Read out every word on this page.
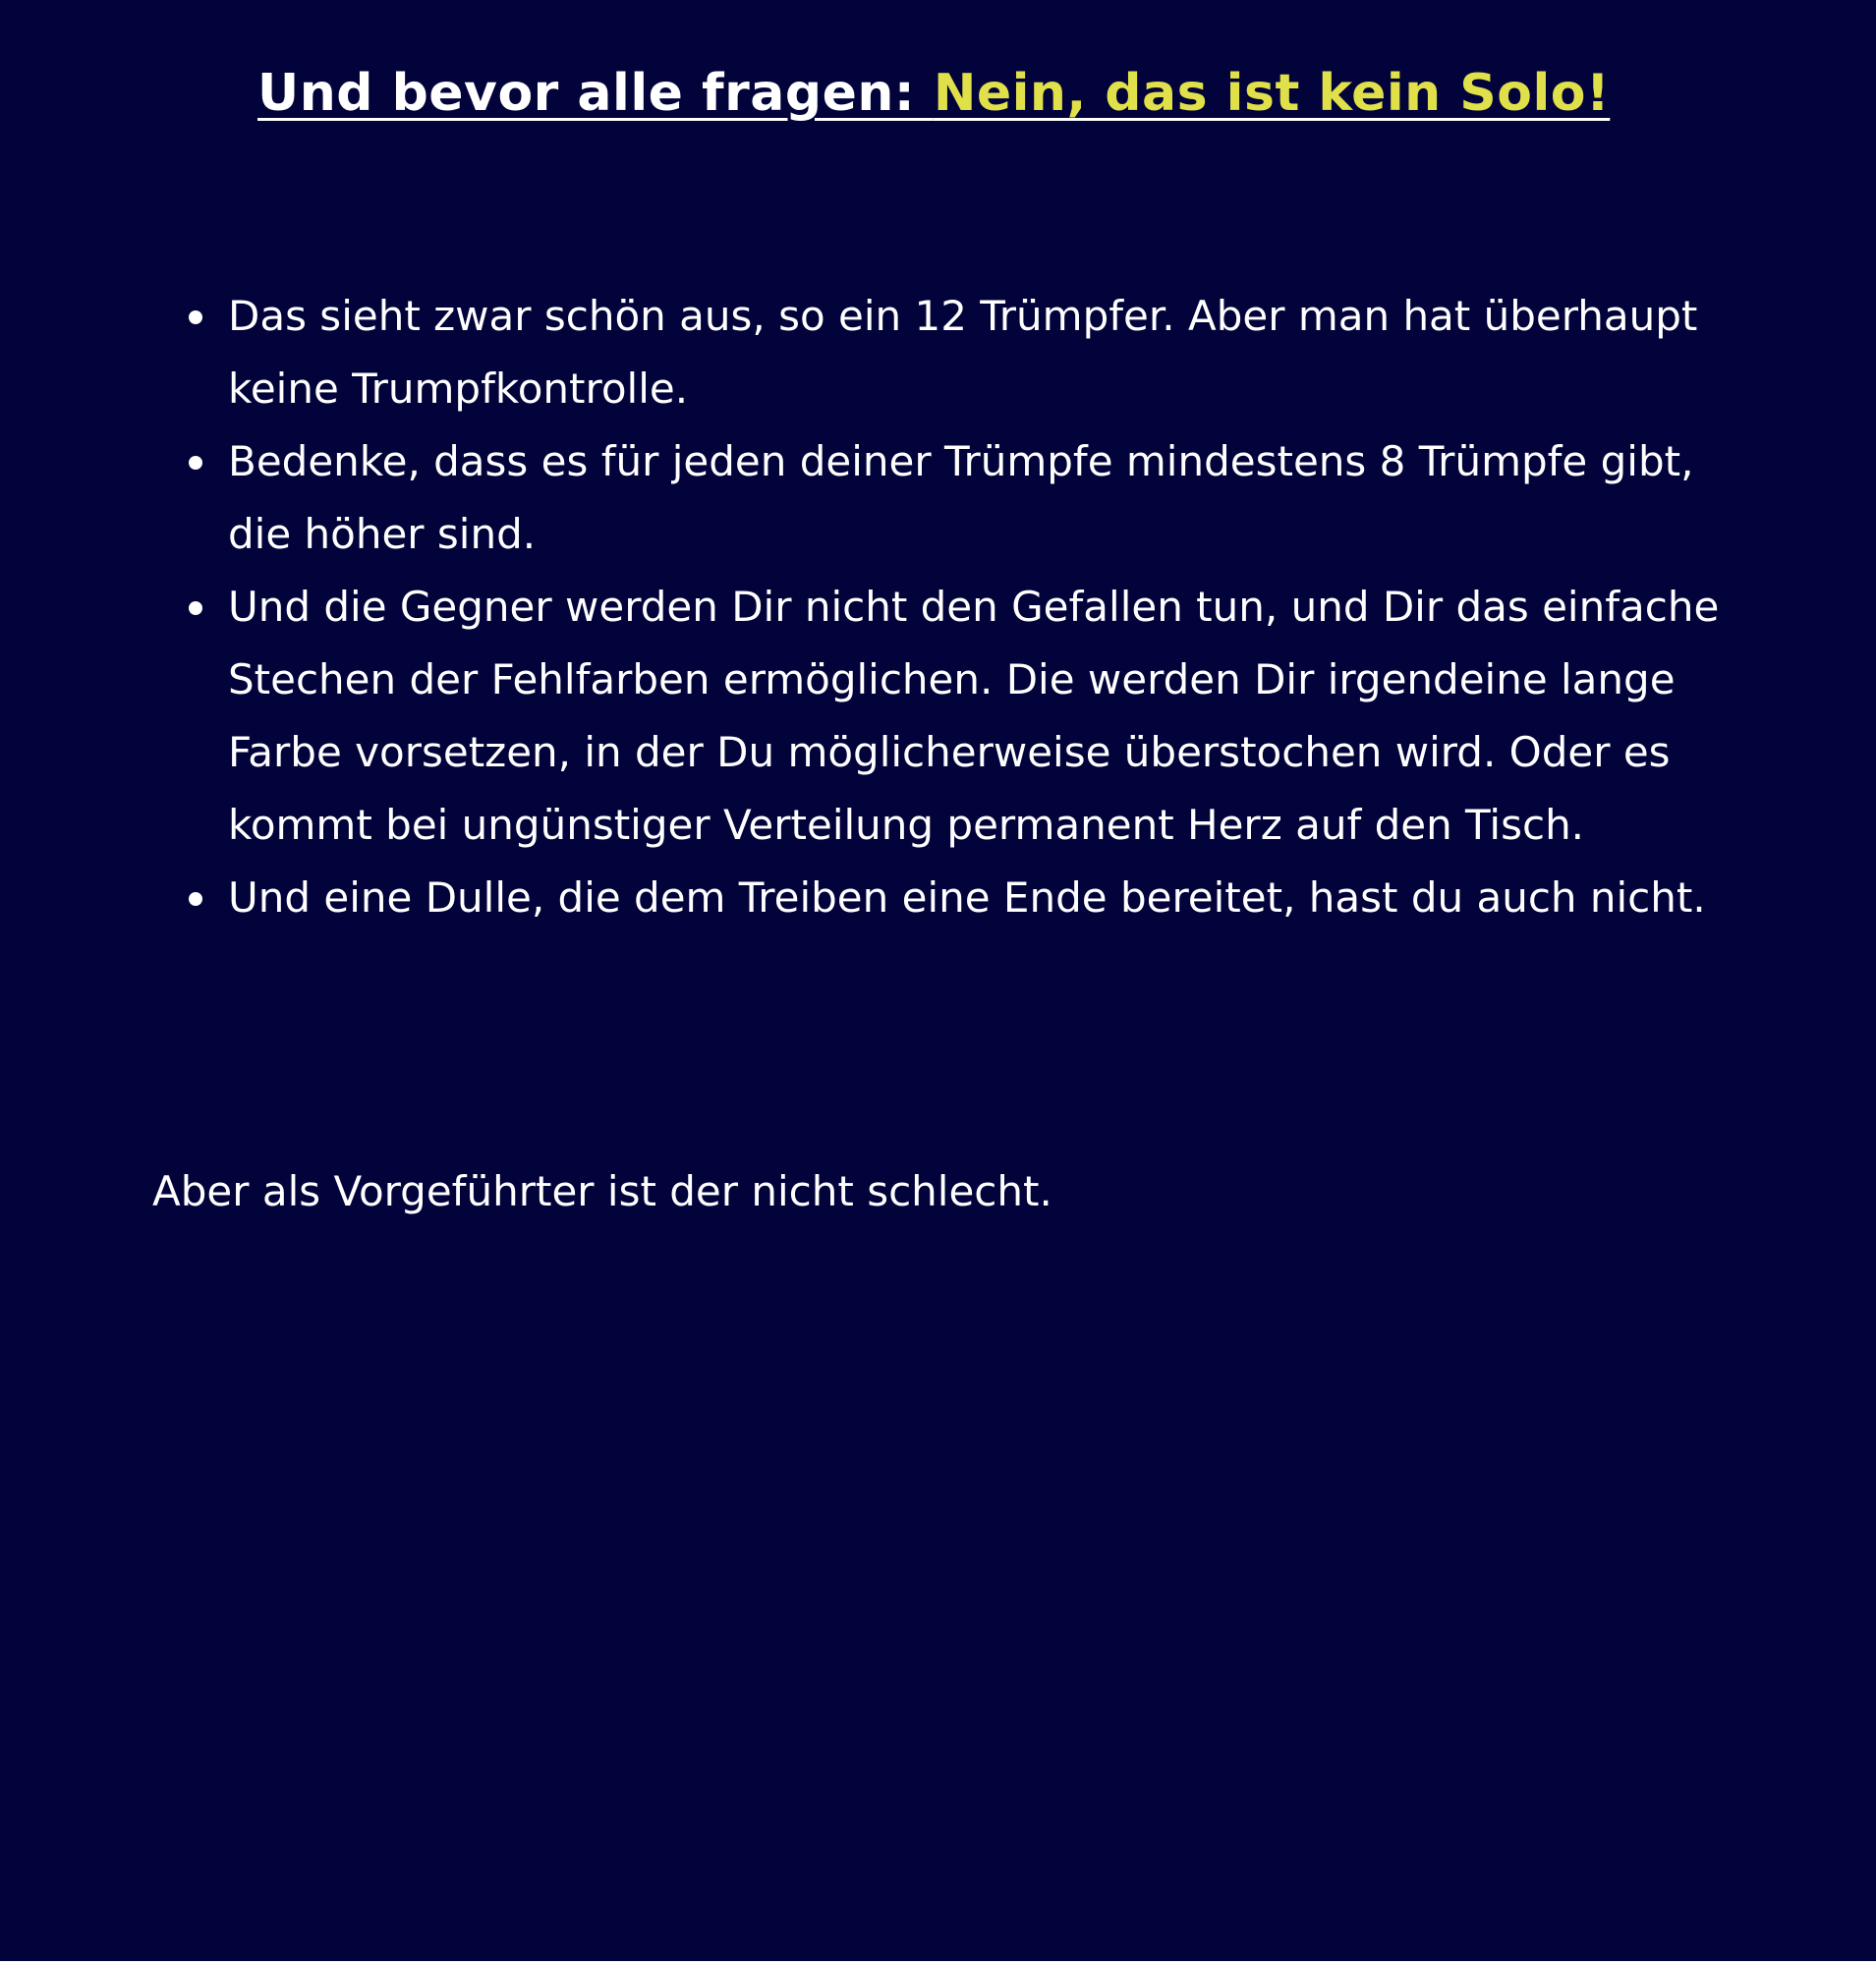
Und bevor alle fragen: Nein, das ist kein Solo!
Das sieht zwar schön aus, so ein 12 Trümpfer. Aber man hat überhaupt keine Trumpfkontrolle.
Bedenke, dass es für jeden deiner Trümpfe mindestens 8 Trümpfe gibt, die höher sind.
Und die Gegner werden Dir nicht den Gefallen tun, und Dir das einfache Stechen der Fehlfarben ermöglichen. Die werden Dir irgendeine lange Farbe vorsetzen, in der Du möglicherweise überstochen wird. Oder es kommt bei ungünstiger Verteilung permanent Herz auf den Tisch.
Und eine Dulle, die dem Treiben eine Ende bereitet, hast du auch nicht.

Aber als Vorgeführter ist der nicht schlecht.
